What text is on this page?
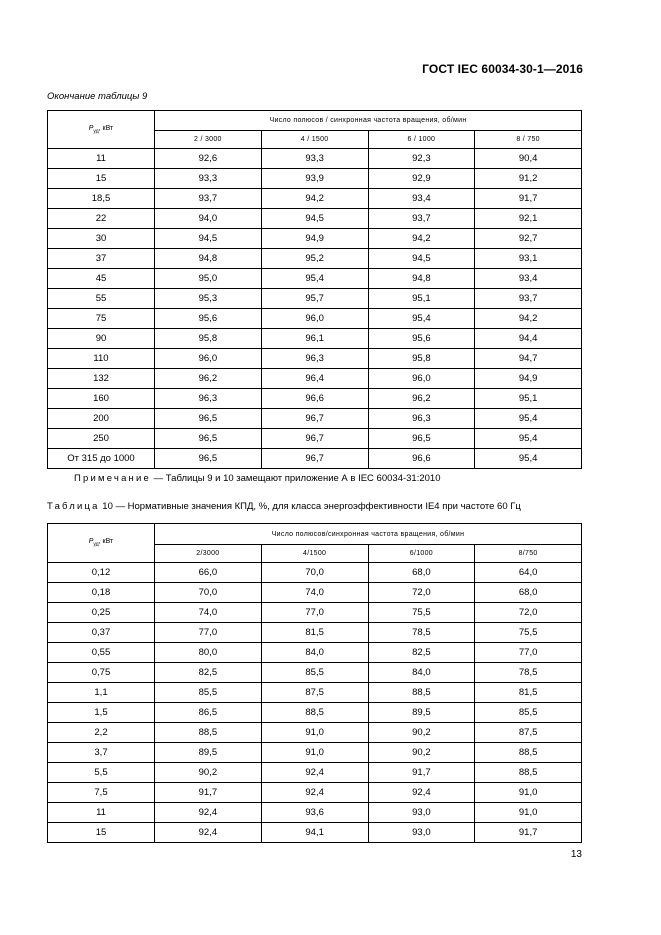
ГОСТ IEC 60034-30-1—2016
Окончание таблицы 9
$P_{уд}$, кВт	Число полюсов / синхронная частота вращения, об/мин			
	2 / 3000	4 / 1500	6 / 1000	8 / 750
11	92,6	93,3	92,3	90,4
15	93,3	93,9	92,9	91,2
18,5	93,7	94,2	93,4	91,7
22	94,0	94,5	93,7	92,1
30	94,5	94,9	94,2	92,7
37	94,8	95,2	94,5	93,1
45	95,0	95,4	94,8	93,4
55	95,3	95,7	95,1	93,7
75	95,6	96,0	95,4	94,2
90	95,8	96,1	95,6	94,4
110	96,0	96,3	95,8	94,7
132	96,2	96,4	96,0	94,9
160	96,3	96,6	96,2	95,1
200	96,5	96,7	96,3	95,4
250	96,5	96,7	96,5	95,4
От 315 до 1000	96,5	96,7	96,6	95,4
Примечание — Таблицы 9 и 10 замещают приложение А в IEC 60034-31:2010
Таблица 10 — Нормативные значения КПД, %, для класса энергоэффективности IE4 при частоте 60 Гц
$P_{уд}$, кВт	Число полюсов/синхронная частота вращения, об/мин			
	2/3000	4/1500	6/1000	8/750
0,12	66,0	70,0	68,0	64,0
0,18	70,0	74,0	72,0	68,0
0,25	74,0	77,0	75,5	72,0
0,37	77,0	81,5	78,5	75,5
0,55	80,0	84,0	82,5	77,0
0,75	82,5	85,5	84,0	78,5
1,1	85,5	87,5	88,5	81,5
1,5	86,5	88,5	89,5	85,5
2,2	88,5	91,0	90,2	87,5
3,7	89,5	91,0	90,2	88,5
5,5	90,2	92,4	91,7	88,5
7,5	91,7	92,4	92,4	91,0
11	92,4	93,6	93,0	91,0
15	92,4	94,1	93,0	91,7
13
